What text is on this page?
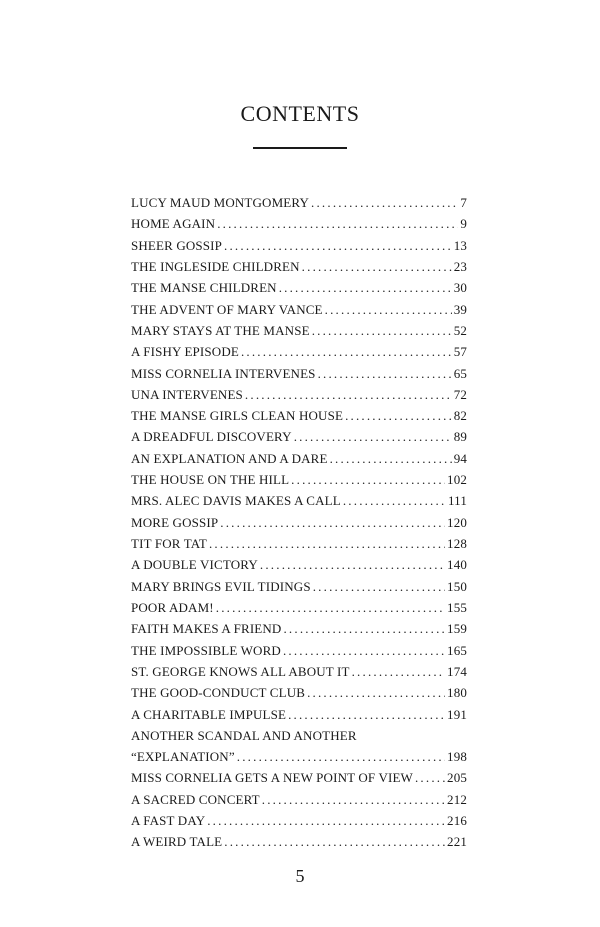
CONTENTS
LUCY MAUD MONTGOMERY .....	7
HOME AGAIN .....	9
SHEER GOSSIP .....	13
THE INGLESIDE CHILDREN .....	23
THE MANSE CHILDREN .....	30
THE ADVENT OF MARY VANCE .....	39
MARY STAYS AT THE MANSE .....	52
A FISHY EPISODE .....	57
MISS CORNELIA INTERVENES .....	65
UNA INTERVENES .....	72
THE MANSE GIRLS CLEAN HOUSE .....	82
A DREADFUL DISCOVERY .....	89
AN EXPLANATION AND A DARE .....	94
THE HOUSE ON THE HILL .....	102
MRS. ALEC DAVIS MAKES A CALL .....	111
MORE GOSSIP .....	120
TIT FOR TAT .....	128
A DOUBLE VICTORY .....	140
MARY BRINGS EVIL TIDINGS .....	150
POOR ADAM! .....	155
FAITH MAKES A FRIEND .....	159
THE IMPOSSIBLE WORD .....	165
ST. GEORGE KNOWS ALL ABOUT IT .....	174
THE GOOD-CONDUCT CLUB .....	180
A CHARITABLE IMPULSE .....	191
ANOTHER SCANDAL AND ANOTHER
“EXPLANATION” .....	198
MISS CORNELIA GETS A NEW POINT OF VIEW .....	205
A SACRED CONCERT .....	212
A FAST DAY .....	216
A WEIRD TALE .....	221
5
